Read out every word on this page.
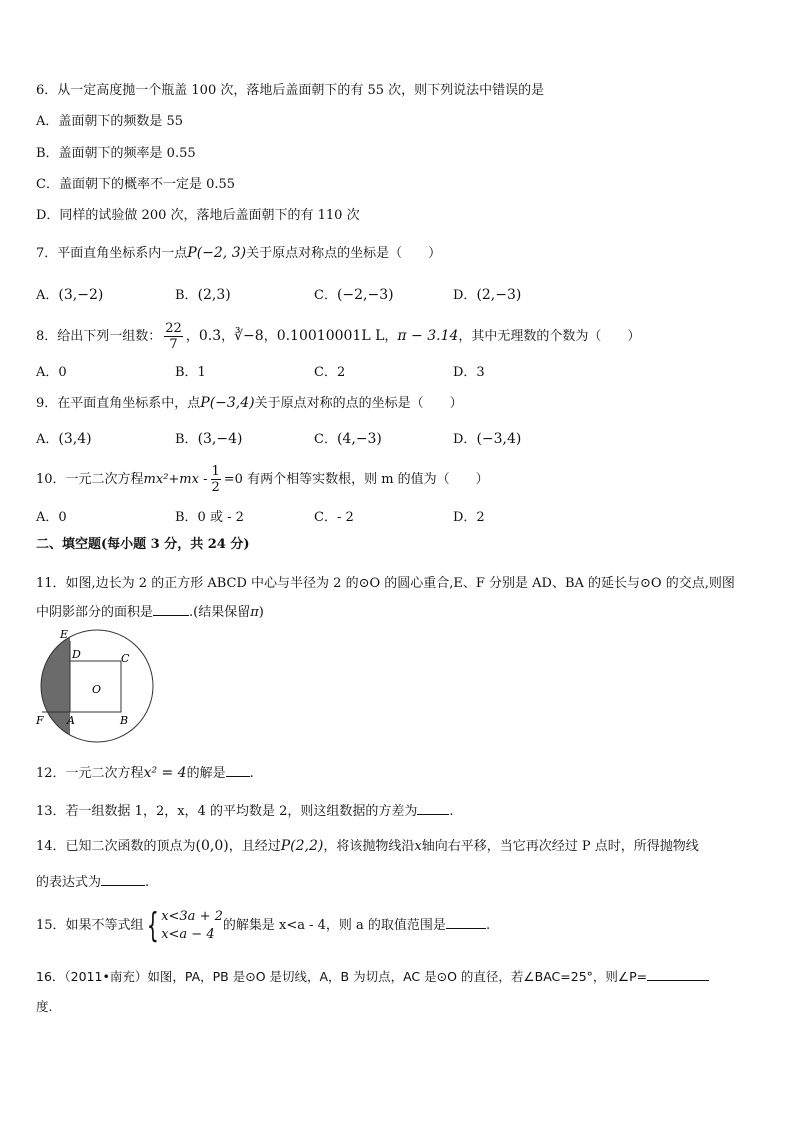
6．从一定高度抛一个瓶盖 100 次，落地后盖面朝下的有 55 次，则下列说法中错误的是
A．盖面朝下的频数是 55
B．盖面朝下的频率是 0.55
C．盖面朝下的概率不一定是 0.55
D．同样的试验做 200 次，落地后盖面朝下的有 110 次
7．平面直角坐标系内一点P(−2, 3)关于原点对称点的坐标是（　　）
A．(3,−2)	B．(2,3)	C．(−2,−3)	D．(2,−3)
8．给出下列一组数： $\frac{22}{7}$ ，0.3̇，∛−8，0.10010001L L，π − 3.14，其中无理数的个数为（　　）
A．0	B．1	C．2	D．3
9．在平面直角坐标系中，点P(−3,4)关于原点对称的点的坐标是（　　）
A．(3,4)	B．(3,−4)	C．(4,−3)	D．(−3,4)
10．一元二次方程$mx^2+mx - \frac{1}{2} =0$ 有两个相等实数根，则 m 的值为（　　）
A．0	B．0 或 - 2	C．- 2	D．2
二、填空题(每小题 3 分，共 24 分)
11．如图,边长为 2 的正方形 ABCD 中心与半径为 2 的⊙O 的圆心重合,E、F 分别是 AD、BA 的延长与⊙O 的交点,则图
中阴影部分的面积是	.(结果保留π)
E
D	C
O
F A	B
12．一元二次方程x² = 4的解是 .
13．若一组数据 1，2，x，4 的平均数是 2，则这组数据的方差为 .
14．已知二次函数的顶点为(0,0)，且经过P(2,2)，将该抛物线沿x轴向右平移，当它再次经过 P 点时，所得抛物线
的表达式为	.
15．如果不等式组{ x<3a + 2
x<a − 4
的解集是 x<a - 4，则 a 的取值范围是	.
16．（2011•南充）如图，PA，PB 是⊙O 是切线，A，B 为切点，AC 是⊙O 的直径，若∠BAC=25°，则∠P=
度.
